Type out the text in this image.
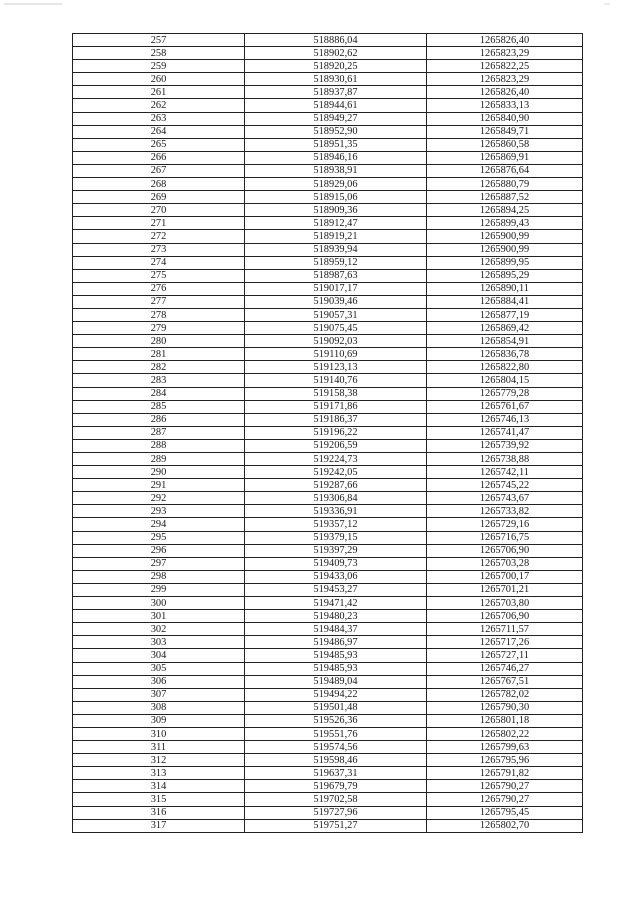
257	518886,04	1265826,40
258	518902,62	1265823,29
259	518920,25	1265822,25
260	518930,61	1265823,29
261	518937,87	1265826,40
262	518944,61	1265833,13
263	518949,27	1265840,90
264	518952,90	1265849,71
265	518951,35	1265860,58
266	518946,16	1265869,91
267	518938,91	1265876,64
268	518929,06	1265880,79
269	518915,06	1265887,52
270	518909,36	1265894,25
271	518912,47	1265899,43
272	518919,21	1265900,99
273	518939,94	1265900,99
274	518959,12	1265899,95
275	518987,63	1265895,29
276	519017,17	1265890,11
277	519039,46	1265884,41
278	519057,31	1265877,19
279	519075,45	1265869,42
280	519092,03	1265854,91
281	519110,69	1265836,78
282	519123,13	1265822,80
283	519140,76	1265804,15
284	519158,38	1265779,28
285	519171,86	1265761,67
286	519186,37	1265746,13
287	519196,22	1265741,47
288	519206,59	1265739,92
289	519224,73	1265738,88
290	519242,05	1265742,11
291	519287,66	1265745,22
292	519306,84	1265743,67
293	519336,91	1265733,82
294	519357,12	1265729,16
295	519379,15	1265716,75
296	519397,29	1265706,90
297	519409,73	1265703,28
298	519433,06	1265700,17
299	519453,27	1265701,21
300	519471,42	1265703,80
301	519480,23	1265706,90
302	519484,37	1265711,57
303	519486,97	1265717,26
304	519485,93	1265727,11
305	519485,93	1265746,27
306	519489,04	1265767,51
307	519494,22	1265782,02
308	519501,48	1265790,30
309	519526,36	1265801,18
310	519551,76	1265802,22
311	519574,56	1265799,63
312	519598,46	1265795,96
313	519637,31	1265791,82
314	519679,79	1265790,27
315	519702,58	1265790,27
316	519727,96	1265795,45
317	519751,27	1265802,70
